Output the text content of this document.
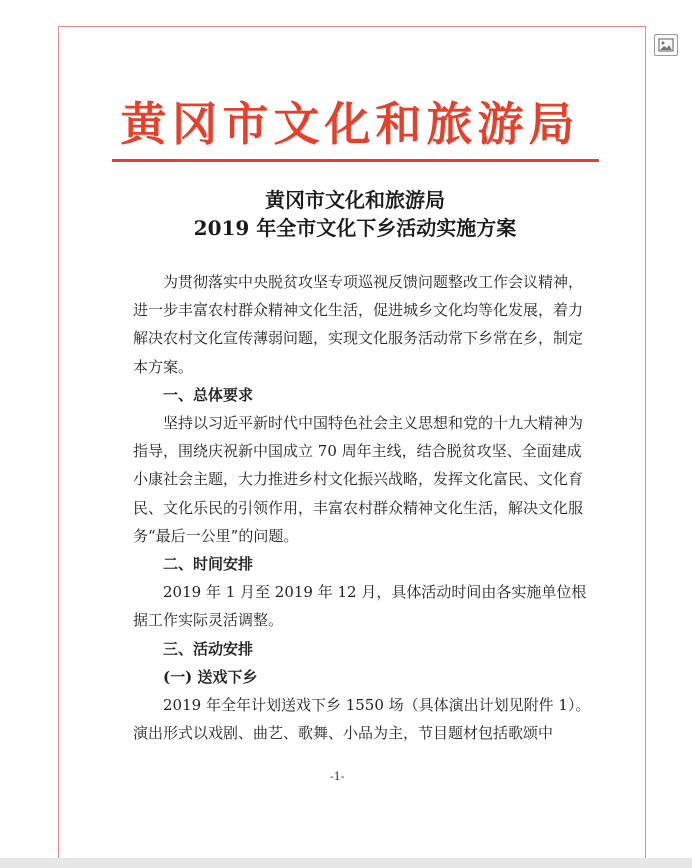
黄冈市文化和旅游局
黄冈市文化和旅游局
2019 年全市文化下乡活动实施方案

为贯彻落实中央脱贫攻坚专项巡视反馈问题整改工作会议精神，进一步丰富农村群众精神文化生活，促进城乡文化均等化发展，着力解决农村文化宣传薄弱问题，实现文化服务活动常下乡常在乡，制定本方案。

一、总体要求

坚持以习近平新时代中国特色社会主义思想和党的十九大精神为指导，围绕庆祝新中国成立 70 周年主线，结合脱贫攻坚、全面建成小康社会主题，大力推进乡村文化振兴战略，发挥文化富民、文化育民、文化乐民的引领作用，丰富农村群众精神文化生活，解决文化服务“最后一公里”的问题。

二、时间安排

2019 年 1 月至 2019 年 12 月，具体活动时间由各实施单位根据工作实际灵活调整。

三、活动安排

(一) 送戏下乡

2019 年全年计划送戏下乡 1550 场（具体演出计划见附件 1）。演出形式以戏剧、曲艺、歌舞、小品为主，节目题材包括歌颂中

-1-
